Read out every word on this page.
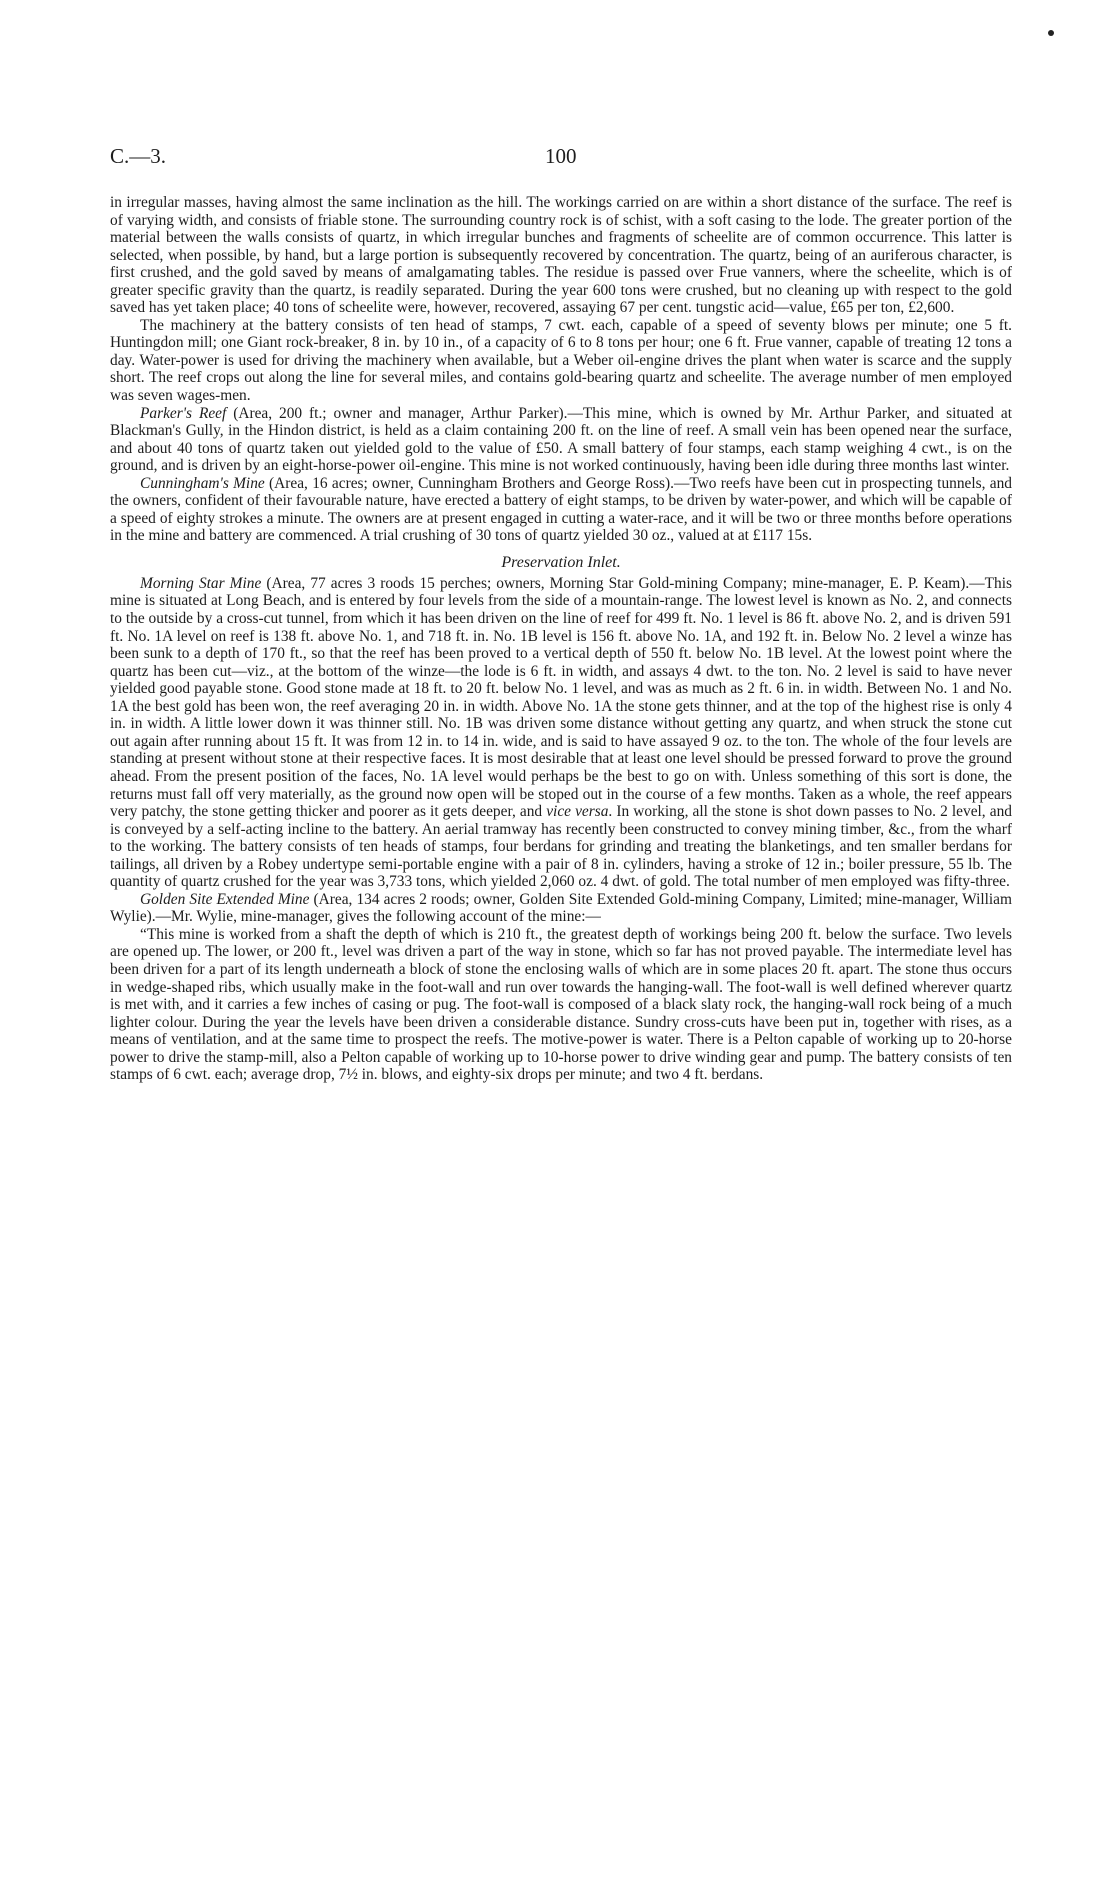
C.—3.	100

in irregular masses, having almost the same inclination as the hill. The workings carried on are within a short distance of the surface. The reef is of varying width, and consists of friable stone. The surrounding country rock is of schist, with a soft casing to the lode. The greater portion of the material between the walls consists of quartz, in which irregular bunches and fragments of scheelite are of common occurrence. This latter is selected, when possible, by hand, but a large portion is subsequently recovered by concentration. The quartz, being of an auriferous character, is first crushed, and the gold saved by means of amalgamating tables. The residue is passed over Frue vanners, where the scheelite, which is of greater specific gravity than the quartz, is readily separated. During the year 600 tons were crushed, but no cleaning up with respect to the gold saved has yet taken place; 40 tons of scheelite were, however, recovered, assaying 67 per cent. tungstic acid—value, £65 per ton, £2,600.

The machinery at the battery consists of ten head of stamps, 7 cwt. each, capable of a speed of seventy blows per minute; one 5 ft. Huntingdon mill; one Giant rock-breaker, 8 in. by 10 in., of a capacity of 6 to 8 tons per hour; one 6 ft. Frue vanner, capable of treating 12 tons a day. Water-power is used for driving the machinery when available, but a Weber oil-engine drives the plant when water is scarce and the supply short. The reef crops out along the line for several miles, and contains gold-bearing quartz and scheelite. The average number of men employed was seven wages-men.

Parker's Reef (Area, 200 ft.; owner and manager, Arthur Parker).—This mine, which is owned by Mr. Arthur Parker, and situated at Blackman's Gully, in the Hindon district, is held as a claim containing 200 ft. on the line of reef. A small vein has been opened near the surface, and about 40 tons of quartz taken out yielded gold to the value of £50. A small battery of four stamps, each stamp weighing 4 cwt., is on the ground, and is driven by an eight-horse-power oil-engine. This mine is not worked continuously, having been idle during three months last winter.

Cunningham's Mine (Area, 16 acres; owner, Cunningham Brothers and George Ross).—Two reefs have been cut in prospecting tunnels, and the owners, confident of their favourable nature, have erected a battery of eight stamps, to be driven by water-power, and which will be capable of a speed of eighty strokes a minute. The owners are at present engaged in cutting a water-race, and it will be two or three months before operations in the mine and battery are commenced. A trial crushing of 30 tons of quartz yielded 30 oz., valued at at £117 15s.

Preservation Inlet.

Morning Star Mine (Area, 77 acres 3 roods 15 perches; owners, Morning Star Gold-mining Company; mine-manager, E. P. Keam).—This mine is situated at Long Beach, and is entered by four levels from the side of a mountain-range. The lowest level is known as No. 2, and connects to the outside by a cross-cut tunnel, from which it has been driven on the line of reef for 499 ft. No. 1 level is 86 ft. above No. 2, and is driven 591 ft. No. 1A level on reef is 138 ft. above No. 1, and 718 ft. in. No. 1B level is 156 ft. above No. 1A, and 192 ft. in. Below No. 2 level a winze has been sunk to a depth of 170 ft., so that the reef has been proved to a vertical depth of 550 ft. below No. 1B level. At the lowest point where the quartz has been cut—viz., at the bottom of the winze—the lode is 6 ft. in width, and assays 4 dwt. to the ton. No. 2 level is said to have never yielded good payable stone. Good stone made at 18 ft. to 20 ft. below No. 1 level, and was as much as 2 ft. 6 in. in width. Between No. 1 and No. 1A the best gold has been won, the reef averaging 20 in. in width. Above No. 1A the stone gets thinner, and at the top of the highest rise is only 4 in. in width. A little lower down it was thinner still. No. 1B was driven some distance without getting any quartz, and when struck the stone cut out again after running about 15 ft. It was from 12 in. to 14 in. wide, and is said to have assayed 9 oz. to the ton. The whole of the four levels are standing at present without stone at their respective faces. It is most desirable that at least one level should be pressed forward to prove the ground ahead. From the present position of the faces, No. 1A level would perhaps be the best to go on with. Unless something of this sort is done, the returns must fall off very materially, as the ground now open will be stoped out in the course of a few months. Taken as a whole, the reef appears very patchy, the stone getting thicker and poorer as it gets deeper, and vice versa. In working, all the stone is shot down passes to No. 2 level, and is conveyed by a self-acting incline to the battery. An aerial tramway has recently been constructed to convey mining timber, &c., from the wharf to the working. The battery consists of ten heads of stamps, four berdans for grinding and treating the blanketings, and ten smaller berdans for tailings, all driven by a Robey undertype semi-portable engine with a pair of 8 in. cylinders, having a stroke of 12 in.; boiler pressure, 55 lb. The quantity of quartz crushed for the year was 3,733 tons, which yielded 2,060 oz. 4 dwt. of gold. The total number of men employed was fifty-three.

Golden Site Extended Mine (Area, 134 acres 2 roods; owner, Golden Site Extended Gold-mining Company, Limited; mine-manager, William Wylie).—Mr. Wylie, mine-manager, gives the following account of the mine:—

“This mine is worked from a shaft the depth of which is 210 ft., the greatest depth of workings being 200 ft. below the surface. Two levels are opened up. The lower, or 200 ft., level was driven a part of the way in stone, which so far has not proved payable. The intermediate level has been driven for a part of its length underneath a block of stone the enclosing walls of which are in some places 20 ft. apart. The stone thus occurs in wedge-shaped ribs, which usually make in the foot-wall and run over towards the hanging-wall. The foot-wall is well defined wherever quartz is met with, and it carries a few inches of casing or pug. The foot-wall is composed of a black slaty rock, the hanging-wall rock being of a much lighter colour. During the year the levels have been driven a considerable distance. Sundry cross-cuts have been put in, together with rises, as a means of ventilation, and at the same time to prospect the reefs. The motive-power is water. There is a Pelton capable of working up to 20-horse power to drive the stamp-mill, also a Pelton capable of working up to 10-horse power to drive winding gear and pump. The battery consists of ten stamps of 6 cwt. each; average drop, 7½ in. blows, and eighty-six drops per minute; and two 4 ft. berdans.
